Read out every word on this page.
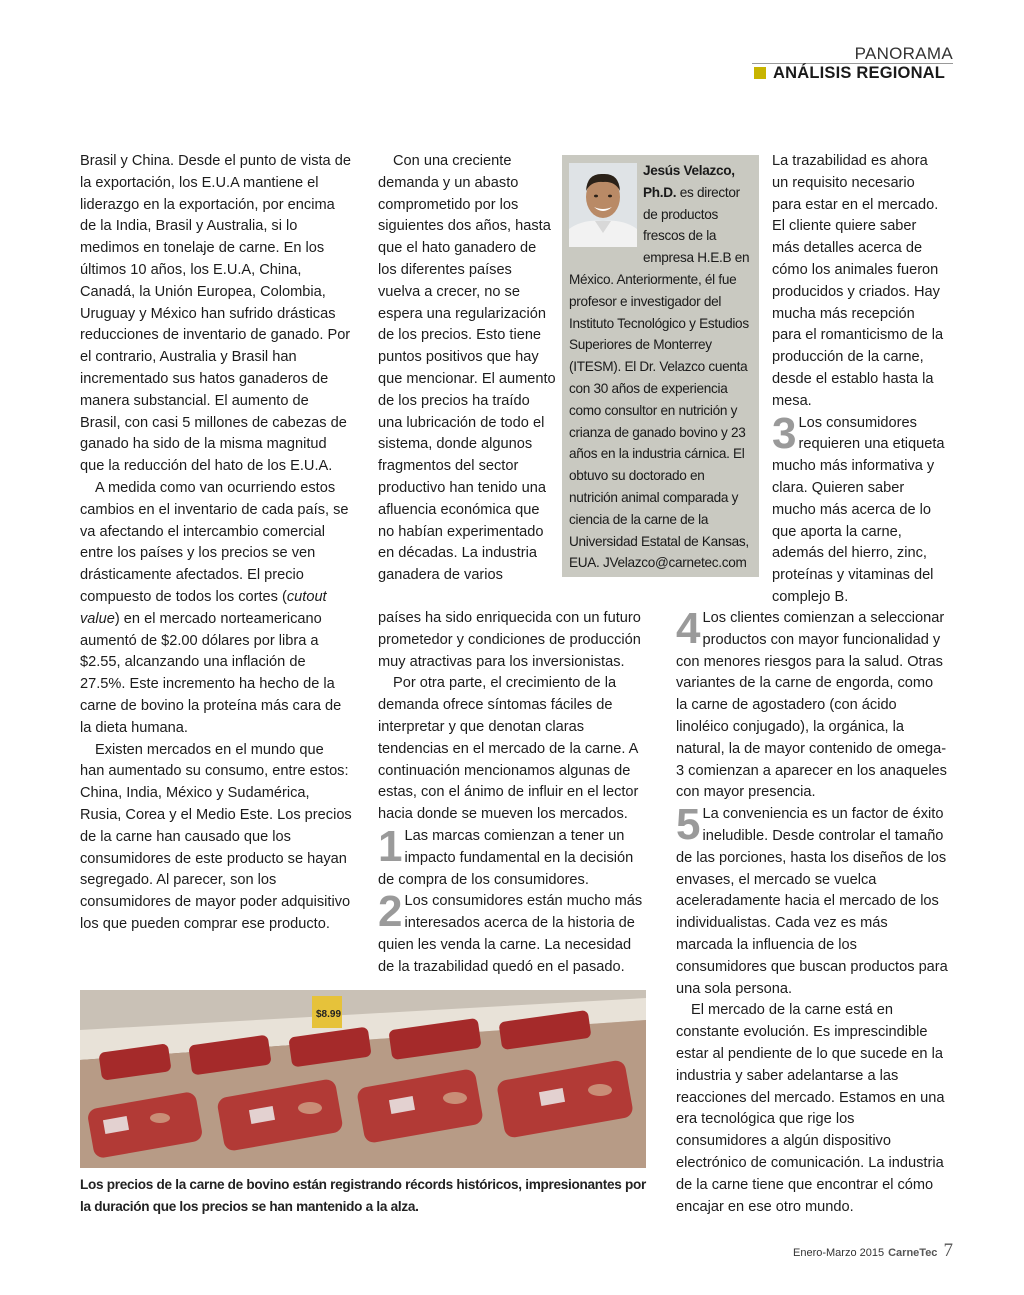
PANORAMA
ANÁLISIS REGIONAL

Brasil y China. Desde el punto de vista de la exportación, los E.U.A mantiene el liderazgo en la exportación, por encima de la India, Brasil y Australia, si lo medimos en tonelaje de carne. En los últimos 10 años, los E.U.A, China, Canadá, la Unión Europea, Colombia, Uruguay y México han sufrido drásticas reducciones de inventario de ganado. Por el contrario, Australia y Brasil han incrementado sus hatos ganaderos de manera substancial. El aumento de Brasil, con casi 5 millones de cabezas de ganado ha sido de la misma magnitud que la reducción del hato de los E.U.A.

A medida como van ocurriendo estos cambios en el inventario de cada país, se va afectando el intercambio comercial entre los países y los precios se ven drásticamente afectados. El precio compuesto de todos los cortes (cutout value) en el mercado norteamericano aumentó de $2.00 dólares por libra a $2.55, alcanzando una inflación de 27.5%. Este incremento ha hecho de la carne de bovino la proteína más cara de la dieta humana.

Existen mercados en el mundo que han aumentado su consumo, entre estos: China, India, México y Sudamérica, Rusia, Corea y el Medio Este. Los precios de la carne han causado que los consumidores de este producto se hayan segregado. Al parecer, son los consumidores de mayor poder adquisitivo los que pueden comprar ese producto.

Con una creciente demanda y un abasto comprometido por los siguientes dos años, hasta que el hato ganadero de los diferentes países vuelva a crecer, no se espera una regularización de los precios. Esto tiene puntos positivos que hay que mencionar. El aumento de los precios ha traído una lubricación de todo el sistema, donde algunos fragmentos del sector productivo han tenido una afluencia económica que no habían experimentado en décadas. La industria ganadera de varios

Jesús Velazco, Ph.D. es director de productos frescos de la empresa H.E.B en México. Anteriormente, él fue profesor e investigador del Instituto Tecnológico y Estudios Superiores de Monterrey (ITESM). El Dr. Velazco cuenta con 30 años de experiencia como consultor en nutrición y crianza de ganado bovino y 23 años en la industria cárnica. El obtuvo su doctorado en nutrición animal comparada y ciencia de la carne de la Universidad Estatal de Kansas, EUA. JVelazco@carnetec.com

La trazabilidad es ahora un requisito necesario para estar en el mercado. El cliente quiere saber más detalles acerca de cómo los animales fueron producidos y criados. Hay mucha más recepción para el romanticismo de la producción de la carne, desde el establo hasta la mesa.

3 Los consumidores requieren una etiqueta mucho más informativa y clara. Quieren saber mucho más acerca de lo que aporta la carne, además del hierro, zinc, proteínas y vitaminas del complejo B.

países ha sido enriquecida con un futuro prometedor y condiciones de producción muy atractivas para los inversionistas.

Por otra parte, el crecimiento de la demanda ofrece síntomas fáciles de interpretar y que denotan claras tendencias en el mercado de la carne. A continuación mencionamos algunas de estas, con el ánimo de influir en el lector hacia donde se mueven los mercados.

1 Las marcas comienzan a tener un impacto fundamental en la decisión de compra de los consumidores.

2 Los consumidores están mucho más interesados acerca de la historia de quien les venda la carne. La necesidad de la trazabilidad quedó en el pasado.

4 Los clientes comienzan a seleccionar productos con mayor funcionalidad y con menores riesgos para la salud. Otras variantes de la carne de engorda, como la carne de agostadero (con ácido linoléico conjugado), la orgánica, la natural, la de mayor contenido de omega-3 comienzan a aparecer en los anaqueles con mayor presencia.

5 La conveniencia es un factor de éxito ineludible. Desde controlar el tamaño de las porciones, hasta los diseños de los envases, el mercado se vuelca aceleradamente hacia el mercado de los individualistas. Cada vez es más marcada la influencia de los consumidores que buscan productos para una sola persona.

El mercado de la carne está en constante evolución. Es imprescindible estar al pendiente de lo que sucede en la industria y saber adelantarse a las reacciones del mercado. Estamos en una era tecnológica que rige los consumidores a algún dispositivo electrónico de comunicación. La industria de la carne tiene que encontrar el cómo encajar en ese otro mundo.

$8.99
Los precios de la carne de bovino están registrando récords históricos, impresionantes por la duración que los precios se han mantenido a la alza.
Enero-Marzo 2015 CarneTec 7
